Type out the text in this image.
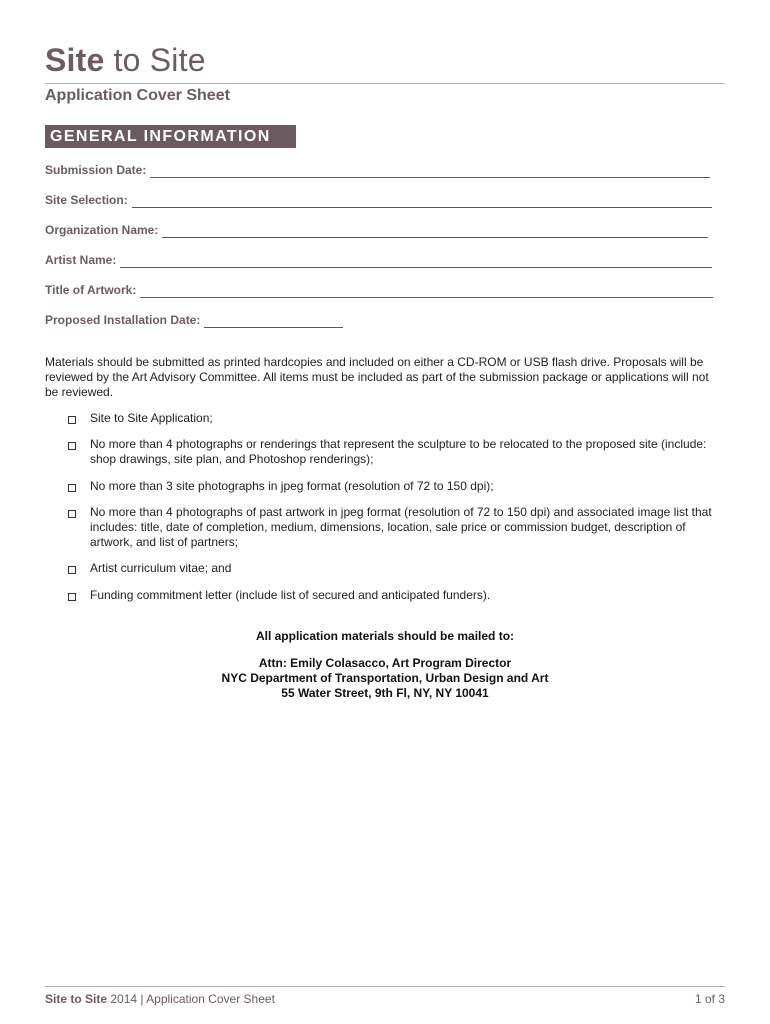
Site to Site
Application Cover Sheet
GENERAL INFORMATION
Submission Date:
Site Selection:
Organization Name:
Artist Name:
Title of Artwork:
Proposed Installation Date:
Materials should be submitted as printed hardcopies and included on either a CD-ROM or USB flash drive. Proposals will be reviewed by the Art Advisory Committee. All items must be included as part of the submission package or applications will not be reviewed.
Site to Site Application;
No more than 4 photographs or renderings that represent the sculpture to be relocated to the proposed site (include: shop drawings, site plan, and Photoshop renderings);
No more than 3 site photographs in jpeg format (resolution of 72 to 150 dpi);
No more than 4 photographs of past artwork in jpeg format (resolution of 72 to 150 dpi) and associated image list that includes: title, date of completion, medium, dimensions, location, sale price or commission budget, description of artwork, and list of partners;
Artist curriculum vitae; and
Funding commitment letter (include list of secured and anticipated funders).
All application materials should be mailed to:
Attn: Emily Colasacco, Art Program Director
NYC Department of Transportation, Urban Design and Art
55 Water Street, 9th Fl, NY, NY 10041
Site to Site 2014 | Application Cover Sheet	1 of 3
